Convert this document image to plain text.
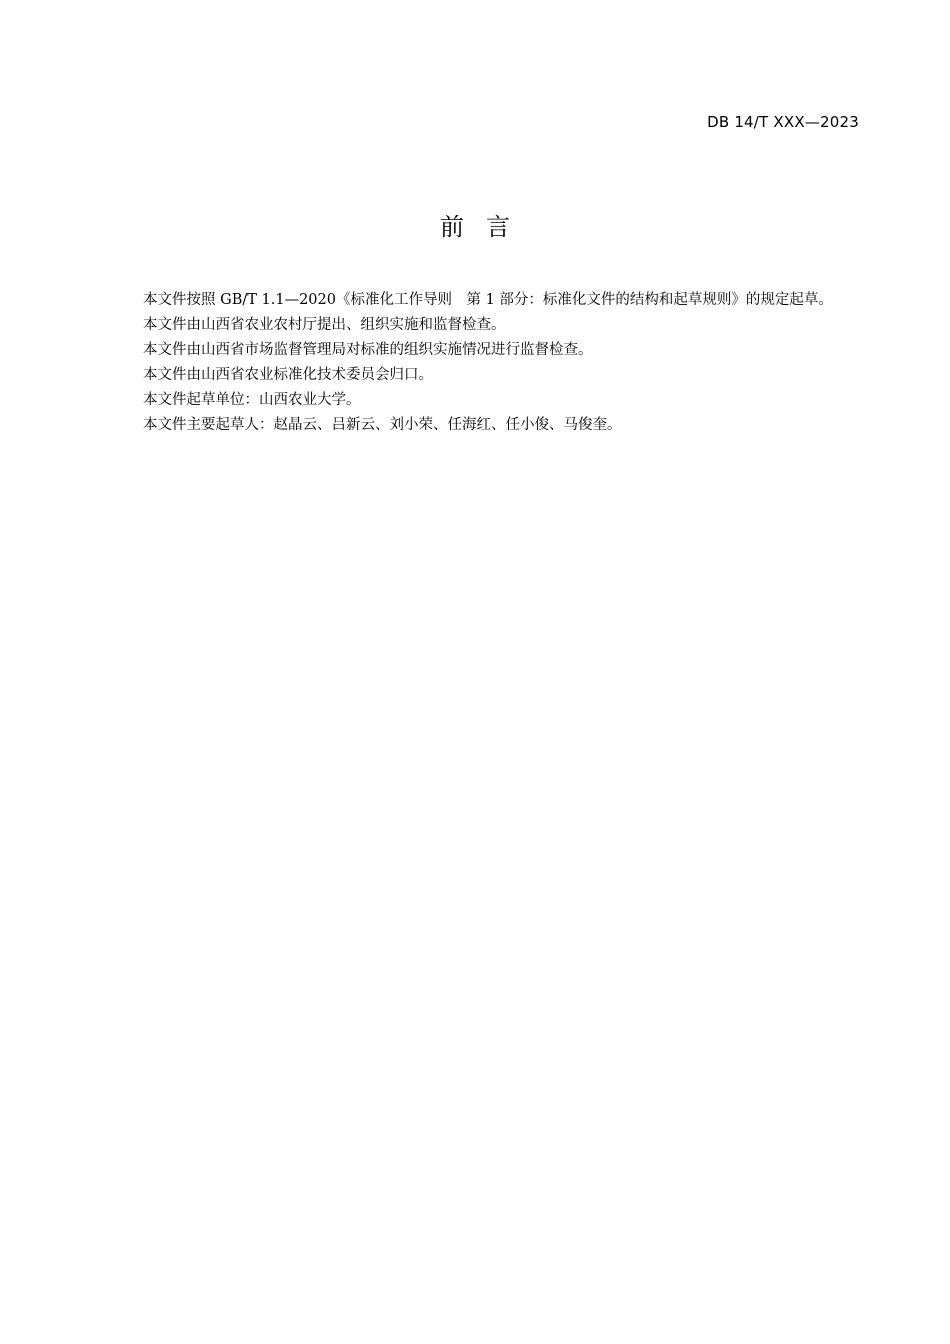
DB 14/T XXX—2023
前言

本文件按照 GB/T 1.1—2020《标准化工作导则　第 1 部分：标准化文件的结构和起草规则》的规定起草。

本文件由山西省农业农村厅提出、组织实施和监督检查。

本文件由山西省市场监督管理局对标准的组织实施情况进行监督检查。

本文件由山西省农业标准化技术委员会归口。

本文件起草单位：山西农业大学。

本文件主要起草人：赵晶云、吕新云、刘小荣、任海红、任小俊、马俊奎。
